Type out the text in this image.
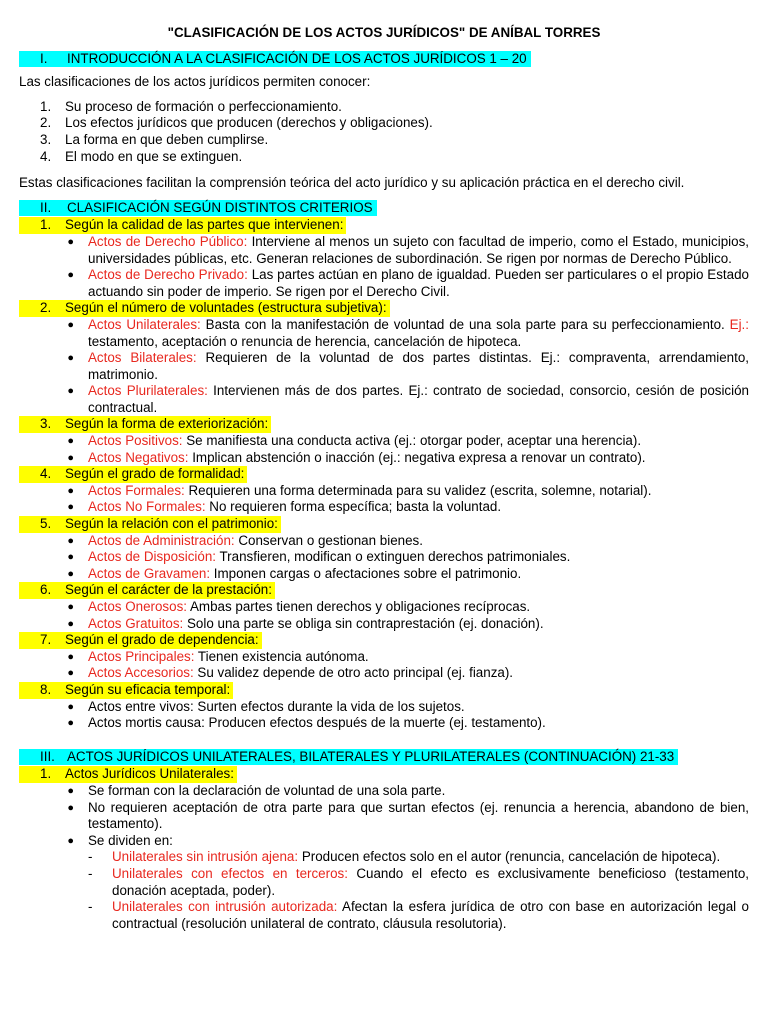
"CLASIFICACIÓN DE LOS ACTOS JURÍDICOS" DE ANÍBAL TORRES
I.	INTRODUCCIÓN A LA CLASIFICACIÓN DE LOS ACTOS JURÍDICOS 1 – 20
Las clasificaciones de los actos jurídicos permiten conocer:
1.	Su proceso de formación o perfeccionamiento.
2.	Los efectos jurídicos que producen (derechos y obligaciones).
3.	La forma en que deben cumplirse.
4.	El modo en que se extinguen.
Estas clasificaciones facilitan la comprensión teórica del acto jurídico y su aplicación práctica en el derecho civil.
II.	CLASIFICACIÓN SEGÚN DISTINTOS CRITERIOS
1.	Según la calidad de las partes que intervienen:
●	Actos de Derecho Público: Interviene al menos un sujeto con facultad de imperio, como el Estado, municipios, universidades públicas, etc. Generan relaciones de subordinación. Se rigen por normas de Derecho Público.
●	Actos de Derecho Privado: Las partes actúan en plano de igualdad. Pueden ser particulares o el propio Estado actuando sin poder de imperio. Se rigen por el Derecho Civil.
2.	Según el número de voluntades (estructura subjetiva):
●	Actos Unilaterales: Basta con la manifestación de voluntad de una sola parte para su perfeccionamiento. Ej.: testamento, aceptación o renuncia de herencia, cancelación de hipoteca.
●	Actos Bilaterales: Requieren de la voluntad de dos partes distintas. Ej.: compraventa, arrendamiento, matrimonio.
●	Actos Plurilaterales: Intervienen más de dos partes. Ej.: contrato de sociedad, consorcio, cesión de posición contractual.
3.	Según la forma de exteriorización:
●	Actos Positivos: Se manifiesta una conducta activa (ej.: otorgar poder, aceptar una herencia).
●	Actos Negativos: Implican abstención o inacción (ej.: negativa expresa a renovar un contrato).
4.	Según el grado de formalidad:
●	Actos Formales: Requieren una forma determinada para su validez (escrita, solemne, notarial).
●	Actos No Formales: No requieren forma específica; basta la voluntad.
5.	Según la relación con el patrimonio:
●	Actos de Administración: Conservan o gestionan bienes.
●	Actos de Disposición: Transfieren, modifican o extinguen derechos patrimoniales.
●	Actos de Gravamen: Imponen cargas o afectaciones sobre el patrimonio.
6.	Según el carácter de la prestación:
●	Actos Onerosos: Ambas partes tienen derechos y obligaciones recíprocas.
●	Actos Gratuitos: Solo una parte se obliga sin contraprestación (ej. donación).
7.	Según el grado de dependencia:
●	Actos Principales: Tienen existencia autónoma.
●	Actos Accesorios: Su validez depende de otro acto principal (ej. fianza).
8.	Según su eficacia temporal:
●	Actos entre vivos: Surten efectos durante la vida de los sujetos.
●	Actos mortis causa: Producen efectos después de la muerte (ej. testamento).
III. ACTOS JURÍDICOS UNILATERALES, BILATERALES Y PLURILATERALES (CONTINUACIÓN) 21-33
1.	Actos Jurídicos Unilaterales:
●	Se forman con la declaración de voluntad de una sola parte.
●	No requieren aceptación de otra parte para que surtan efectos (ej. renuncia a herencia, abandono de bien, testamento).
●	Se dividen en:
-	Unilaterales sin intrusión ajena: Producen efectos solo en el autor (renuncia, cancelación de hipoteca).
-	Unilaterales con efectos en terceros: Cuando el efecto es exclusivamente beneficioso (testamento, donación aceptada, poder).
-	Unilaterales con intrusión autorizada: Afectan la esfera jurídica de otro con base en autorización legal o contractual (resolución unilateral de contrato, cláusula resolutoria).
